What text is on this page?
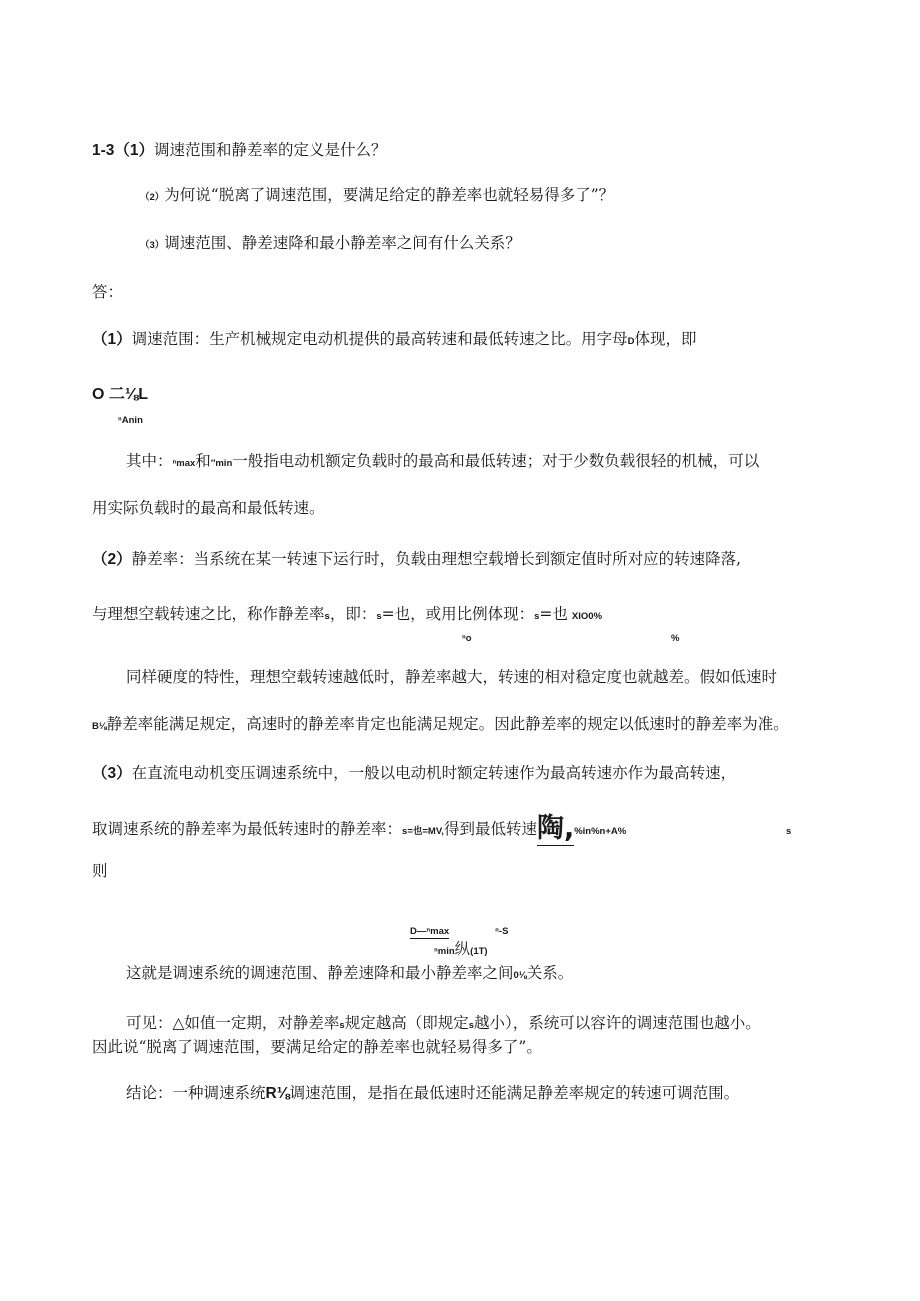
1-3（1）调速范围和静差率的定义是什么？
（2）为何说“脱离了调速范围，要满足给定的静差率也就轻易得多了”？
（3）调速范围、静差速降和最小静差率之间有什么关系？
答：
（1）调速范围：生产机械规定电动机提供的最高转速和最低转速之比。用字母D体现，即
O 二⅛L
ⁿAnin
其中：ⁿmax和″min一般指电动机额定负载时的最高和最低转速；对于少数负载很轻的机械，可以
用实际负载时的最高和最低转速。
（2）静差率：当系统在某一转速下运行时，负载由理想空载增长到额定值时所对应的转速降落,
与理想空载转速之比，称作静差率s，即：s=也，或用比例体现：s=也 XIO0%
ⁿo	%
同样硬度的特性，理想空载转速越低时，静差率越大，转速的相对稳定度也就越差。假如低速时
B⅛静差率能满足规定，高速时的静差率肯定也能满足规定。因此静差率的规定以低速时的静差率为准。
（3）在直流电动机变压调速系统中，一般以电动机时额定转速作为最高转速亦作为最高转速，
取调速系统的静差率为最低转速时的静差率：s=也=MV,得到最低转速陶,%in%n+A%	s
则
D—ⁿmax	ⁿ-S
ⁿmin纵(1T)
这就是调速系统的调速范围、静差速降和最小静差率之间0⅛关系。
可见：△如值一定期，对静差率s规定越高（即规定s越小），系统可以容许的调速范围也越小。
因此说“脱离了调速范围，要满足给定的静差率也就轻易得多了”。
结论：一种调速系统R⅛调速范围，是指在最低速时还能满足静差率规定的转速可调范围。
